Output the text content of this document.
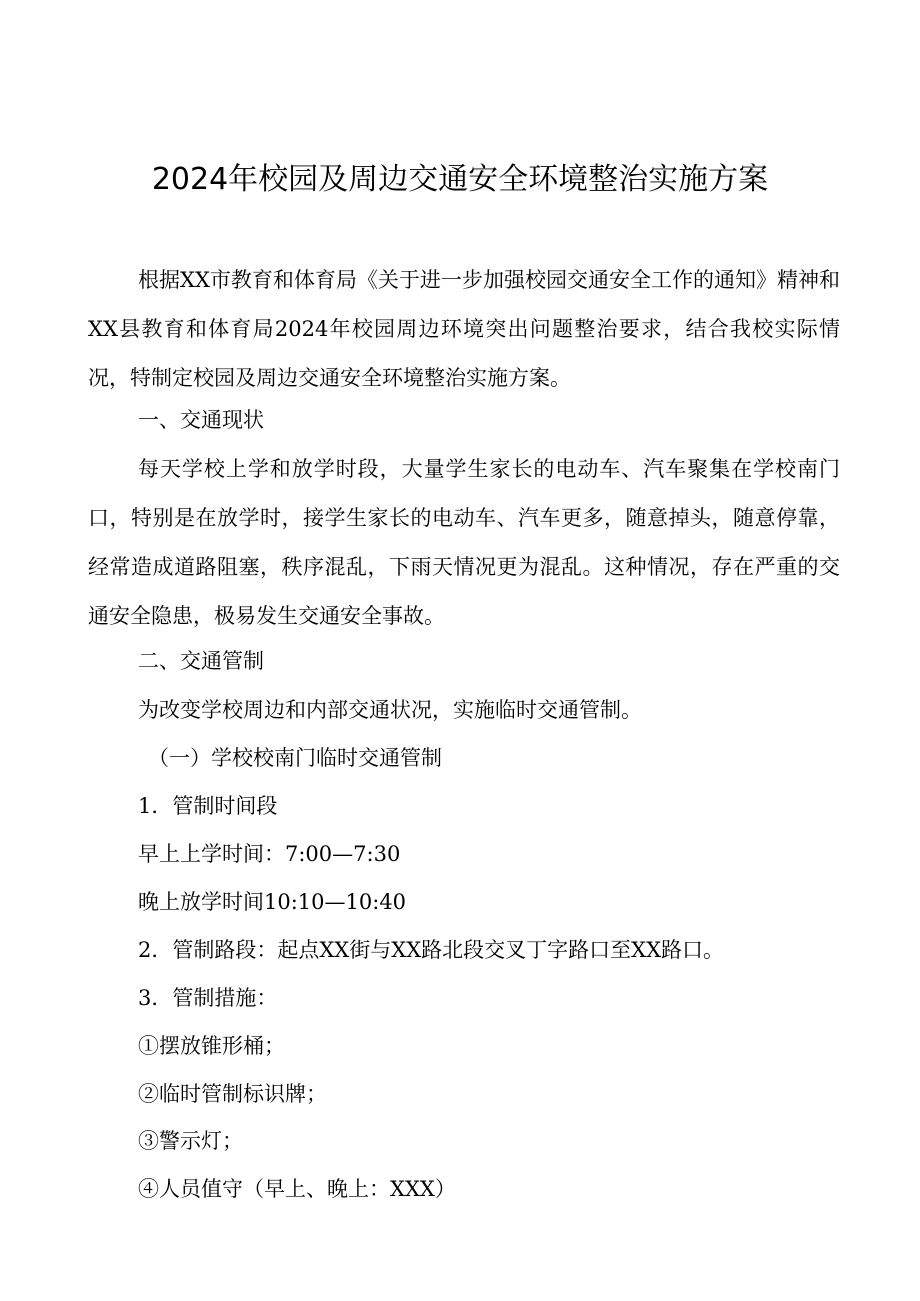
2024年校园及周边交通安全环境整治实施方案
根据XX市教育和体育局《关于进一步加强校园交通安全工作的通知》精神和XX县教育和体育局2024年校园周边环境突出问题整治要求，结合我校实际情况，特制定校园及周边交通安全环境整治实施方案。
一、交通现状
每天学校上学和放学时段，大量学生家长的电动车、汽车聚集在学校南门口，特别是在放学时，接学生家长的电动车、汽车更多，随意掉头，随意停靠，经常造成道路阻塞，秩序混乱，下雨天情况更为混乱。这种情况，存在严重的交通安全隐患，极易发生交通安全事故。
二、交通管制
为改变学校周边和内部交通状况，实施临时交通管制。
（一）学校校南门临时交通管制
1．管制时间段
早上上学时间：7:00—7:30
晚上放学时间10:10—10:40
2．管制路段：起点XX街与XX路北段交叉丁字路口至XX路口。
3．管制措施：
①摆放锥形桶；
②临时管制标识牌；
③警示灯；
④人员值守（早上、晚上：XXX）
